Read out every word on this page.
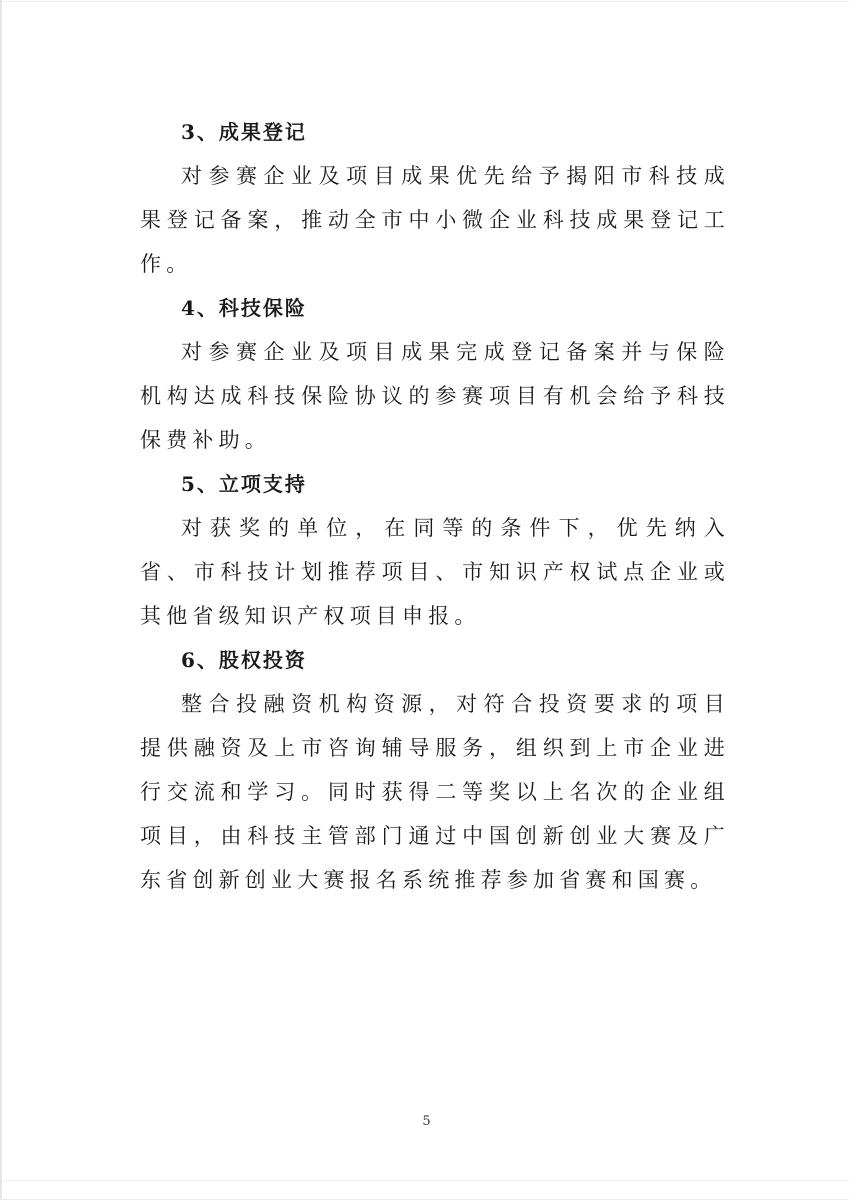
3、成果登记

对参赛企业及项目成果优先给予揭阳市科技成果登记备案，推动全市中小微企业科技成果登记工作。

4、科技保险

对参赛企业及项目成果完成登记备案并与保险机构达成科技保险协议的参赛项目有机会给予科技保费补助。

5、立项支持

对获奖的单位，在同等的条件下，优先纳入省、市科技计划推荐项目、市知识产权试点企业或其他省级知识产权项目申报。

6、股权投资

整合投融资机构资源，对符合投资要求的项目提供融资及上市咨询辅导服务，组织到上市企业进行交流和学习。同时获得二等奖以上名次的企业组项目，由科技主管部门通过中国创新创业大赛及广东省创新创业大赛报名系统推荐参加省赛和国赛。

5
